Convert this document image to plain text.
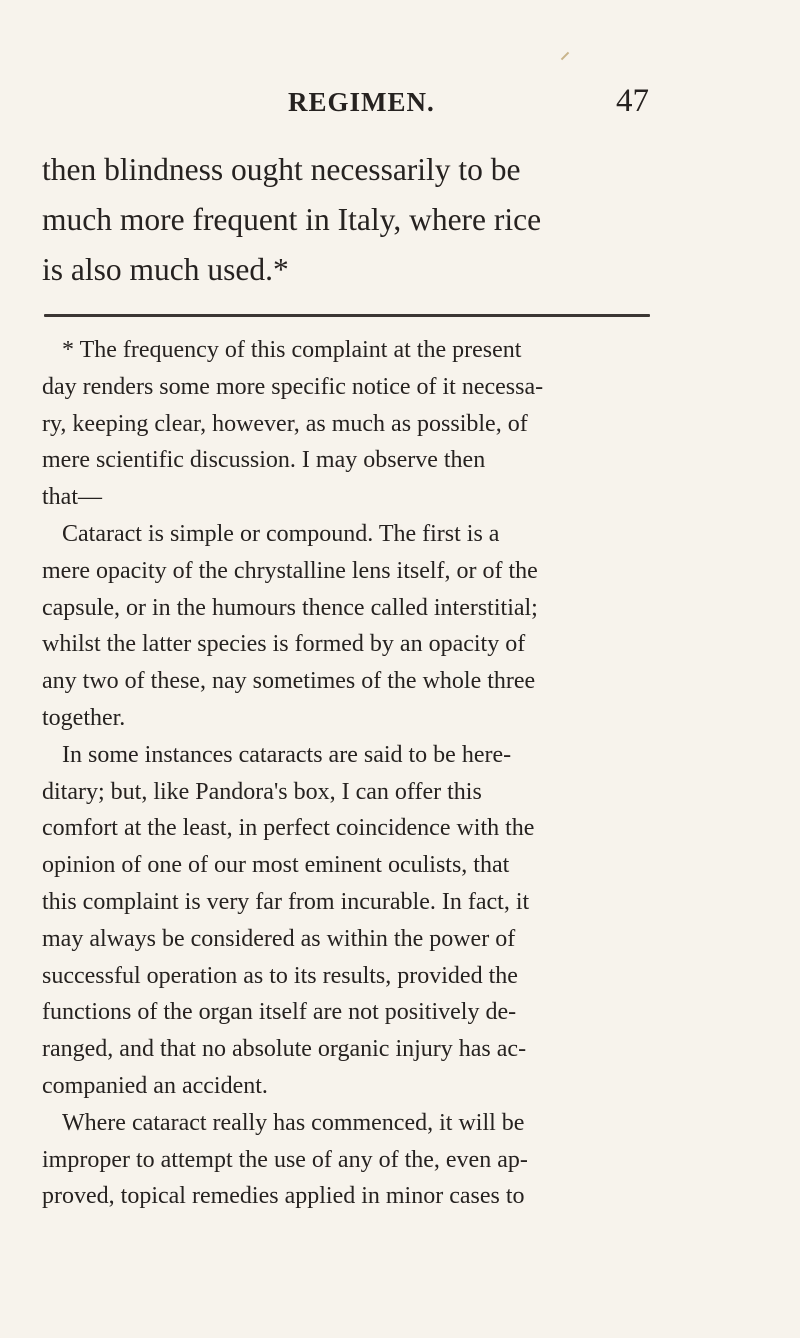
REGIMEN.	47

then blindness ought necessarily to be
much more frequent in Italy, where rice
is also much used.*

* The frequency of this complaint at the present
day renders some more specific notice of it necessa-
ry, keeping clear, however, as much as possible, of
mere scientific discussion. I may observe then
that—
Cataract is simple or compound. The first is a
mere opacity of the chrystalline lens itself, or of the
capsule, or in the humours thence called interstitial;
whilst the latter species is formed by an opacity of
any two of these, nay sometimes of the whole three
together.
In some instances cataracts are said to be here-
ditary; but, like Pandora's box, I can offer this
comfort at the least, in perfect coincidence with the
opinion of one of our most eminent oculists, that
this complaint is very far from incurable. In fact, it
may always be considered as within the power of
successful operation as to its results, provided the
functions of the organ itself are not positively de-
ranged, and that no absolute organic injury has ac-
companied an accident.
Where cataract really has commenced, it will be
improper to attempt the use of any of the, even ap-
proved, topical remedies applied in minor cases to
